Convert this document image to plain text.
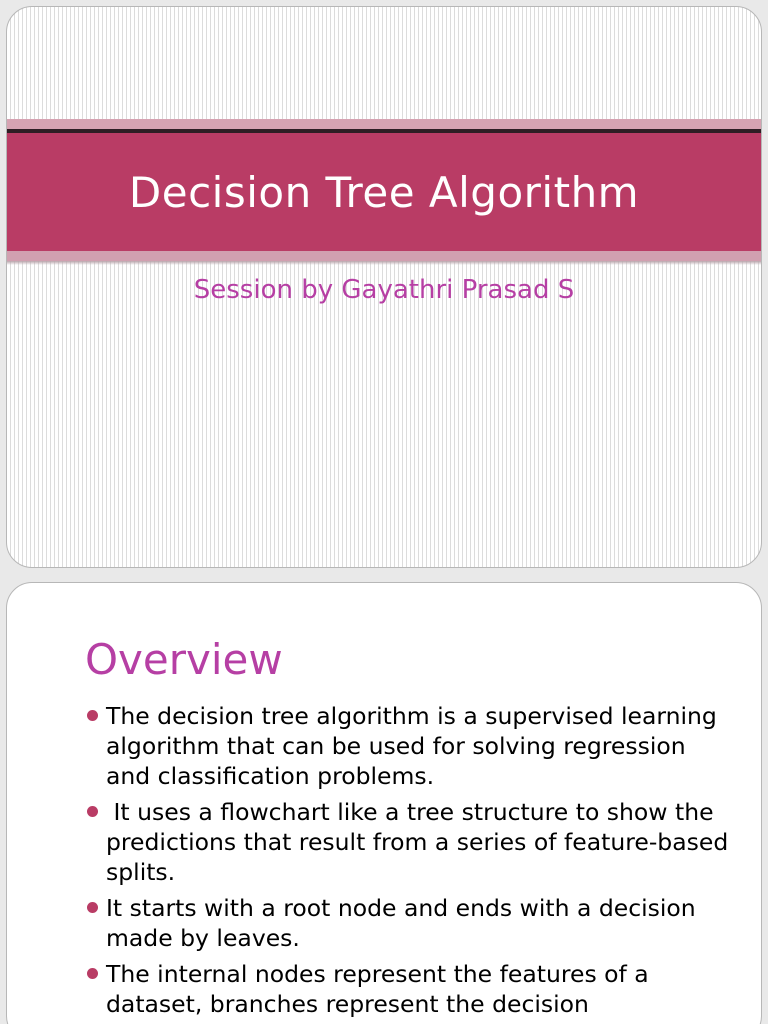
Decision Tree Algorithm
Session by Gayathri Prasad S
Overview
The decision tree algorithm is a supervised learning algorithm that can be used for solving regression and classification problems.
It uses a flowchart like a tree structure to show the predictions that result from a series of feature-based splits.
It starts with a root node and ends with a decision made by leaves.
The internal nodes represent the features of a dataset, branches represent the decision
